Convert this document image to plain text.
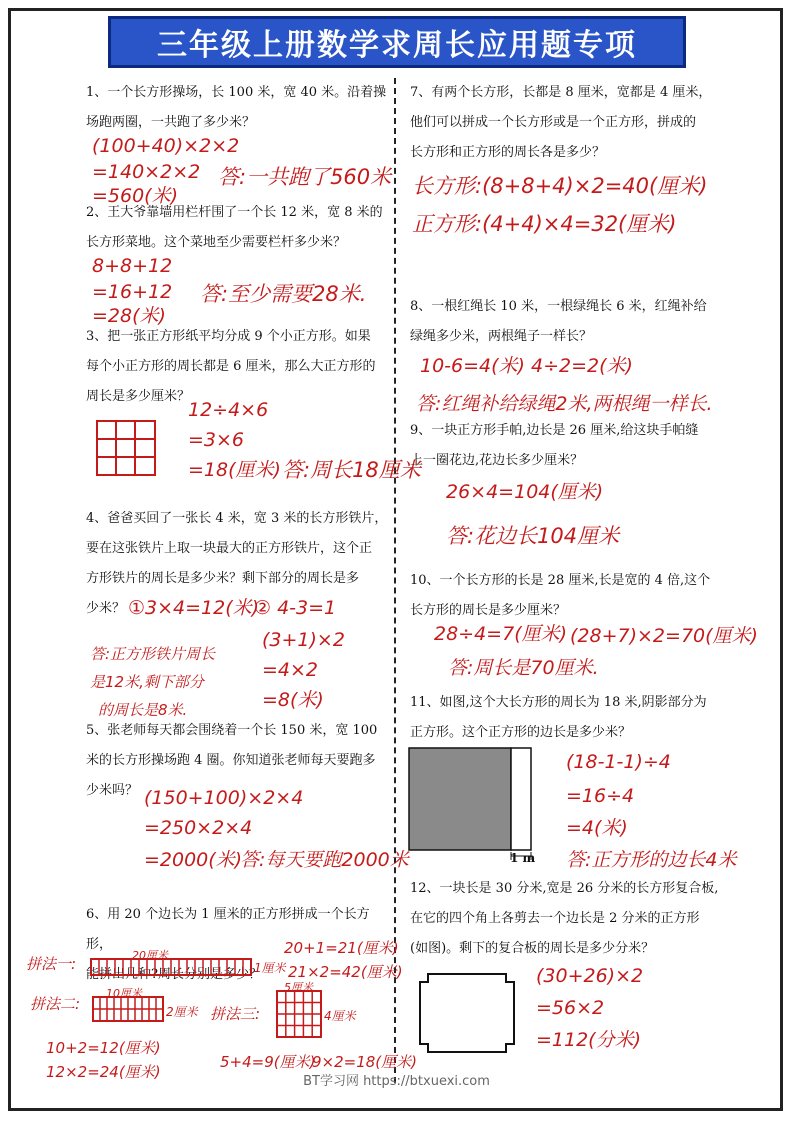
三年级上册数学求周长应用题专项
1、一个长方形操场，长 100 米，宽 40 米。沿着操
场跑两圈，一共跑了多少米？
(100+40)×2×2
=140×2×2
=560(米)
答:一共跑了560米
2、王大爷靠墙用栏杆围了一个长 12 米，宽 8 米的
长方形菜地。这个菜地至少需要栏杆多少米？
8+8+12
=16+12
=28(米)
答:至少需要28米.
3、把一张正方形纸平均分成 9 个小正方形。如果
每个小正方形的周长都是 6 厘米，那么大正方形的
周长是多少厘米？
12÷4×6
=3×6
=18(厘米) 答:周长18厘米
4、爸爸买回了一张长 4 米，宽 3 米的长方形铁片，
要在这张铁片上取一块最大的正方形铁片，这个正
方形铁片的周长是多少米？剩下部分的周长是多
少米？ ①3×4=12(米)
② 4-3=1
答:正方形铁片周长
是12米,剩下部分
的周长是8米.
(3+1)×2
=4×2
=8(米)
5、张老师每天都会围绕着一个长 150 米，宽 100
米的长方形操场跑 4 圈。你知道张老师每天要跑多
少米吗？ (150+100)×2×4
=250×2×4
=2000(米)
答:每天要跑2000米
6、用 20 个边长为 1 厘米的正方形拼成一个长方形，
能拼出几种?周长分别是多少？
拼法一:	20厘米
1厘米
20+1=21(厘米)
21×2=42(厘米)
拼法二:
10厘米
2厘米
10+2=12(厘米)
12×2=24(厘米)
拼法三:
5厘米
4厘米
5+4=9(厘米)
9×2=18(厘米)
7、有两个长方形，长都是 8 厘米，宽都是 4 厘米，
他们可以拼成一个长方形或是一个正方形，拼成的
长方形和正方形的周长各是多少？
长方形:(8+8+4)×2=40(厘米)
正方形:(4+4)×4=32(厘米)
8、一根红绳长 10 米，一根绿绳长 6 米，红绳补给
绿绳多少米，两根绳子一样长？
10-6=4(米) 4÷2=2(米)
答:红绳补给绿绳2米,两根绳一样长.
9、一块正方形手帕,边长是 26 厘米,给这块手帕缝
上一圈花边,花边长多少厘米？
26×4=104(厘米)
答:花边长104厘米
10、一个长方形的长是 28 厘米,长是宽的 4 倍,这个
长方形的周长是多少厘米？
28÷4=7(厘米) (28+7)×2=70(厘米)
答:周长是70厘米.
11、如图,这个大长方形的周长为 18 米,阴影部分为
正方形。这个正方形的边长是多少米？
1 m
(18-1-1)÷4
=16÷4
=4(米)
答:正方形的边长4米
12、一块长是 30 分米,宽是 26 分米的长方形复合板,
在它的四个角上各剪去一个边长是 2 分米的正方形
(如图)。剩下的复合板的周长是多少分米？
(30+26)×2
=56×2
=112(分米)
BT学习网 https://btxuexi.com
